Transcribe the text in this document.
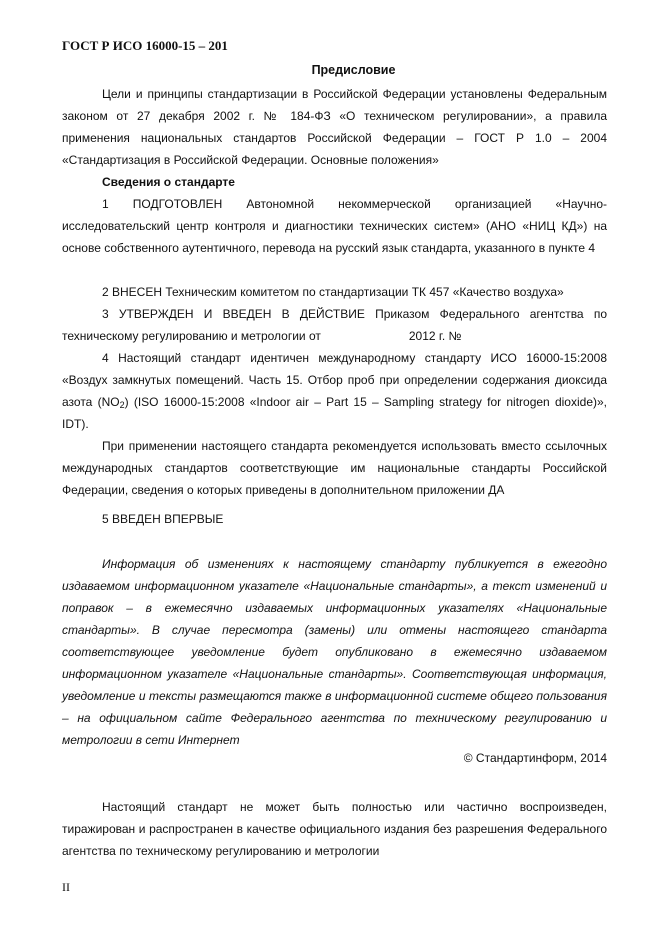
ГОСТ Р ИСО 16000-15 – 201
Предисловие
Цели и принципы стандартизации в Российской Федерации установлены Федеральным законом от 27 декабря 2002 г. № 184-ФЗ «О техническом регулировании», а правила применения национальных стандартов Российской Федерации – ГОСТ Р 1.0 – 2004 «Стандартизация в Российской Федерации. Основные положения»
Сведения о стандарте
1 ПОДГОТОВЛЕН Автономной некоммерческой организацией «Научно-исследовательский центр контроля и диагностики технических систем» (АНО «НИЦ КД») на основе собственного аутентичного, перевода на русский язык стандарта, указанного в пункте 4
2 ВНЕСЕН Техническим комитетом по стандартизации ТК 457 «Качество воздуха»
3 УТВЕРЖДЕН И ВВЕДЕН В ДЕЙСТВИЕ Приказом Федерального агентства по техническому регулированию и метрологии от	2012 г. №
4 Настоящий стандарт идентичен международному стандарту ИСО 16000-15:2008 «Воздух замкнутых помещений. Часть 15. Отбор проб при определении содержания диоксида азота $(NO_2)$ (ISO 16000-15:2008 «Indoor air – Part 15 – Sampling strategy for nitrogen dioxide)», IDT).
При применении настоящего стандарта рекомендуется использовать вместо ссылочных международных стандартов соответствующие им национальные стандарты Российской Федерации, сведения о которых приведены в дополнительном приложении ДА
5 ВВЕДЕН ВПЕРВЫЕ
Информация об изменениях к настоящему стандарту публикуется в ежегодно издаваемом информационном указателе «Национальные стандарты», а текст изменений и поправок – в ежемесячно издаваемых информационных указателях «Национальные стандарты». В случае пересмотра (замены) или отмены настоящего стандарта соответствующее уведомление будет опубликовано в ежемесячно издаваемом информационном указателе «Национальные стандарты». Соответствующая информация, уведомление и тексты размещаются также в информационной системе общего пользования – на официальном сайте Федерального агентства по техническому регулированию и метрологии в сети Интернет
© Стандартинформ, 2014
Настоящий стандарт не может быть полностью или частично воспроизведен, тиражирован и распространен в качестве официального издания без разрешения Федерального агентства по техническому регулированию и метрологии
II
